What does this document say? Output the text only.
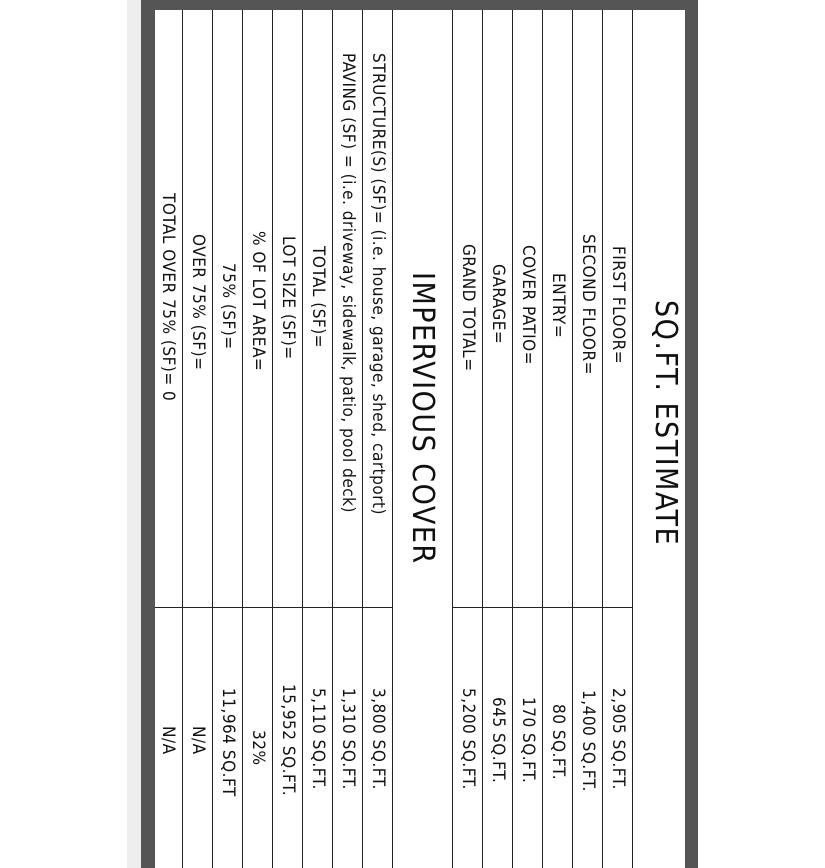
SQ.FT. ESTIMATE
FIRST FLOOR=
2,905 SQ.FT.
SECOND FLOOR=
1,400 SQ.FT.
ENTRY=
80 SQ.FT.
COVER PATIO=
170 SQ.FT.
GARAGE=
645 SQ.FT.
GRAND TOTAL=
5,200 SQ.FT.
IMPERVIOUS COVER
STRUCTURE(S) (SF)= (i.e. house, garage, shed, cartport)
3,800 SQ.FT.
PAVING (SF) = (i.e. driveway, sidewalk, patio, pool deck)
1,310 SQ.FT.
TOTAL (SF)=
5,110 SQ.FT.
LOT SIZE (SF)=
15,952 SQ.FT.
% OF LOT AREA=
32%
75% (SF)=
11,964 SQ.FT
OVER 75% (SF)=
N/A
TOTAL OVER 75% (SF)= 0
N/A
